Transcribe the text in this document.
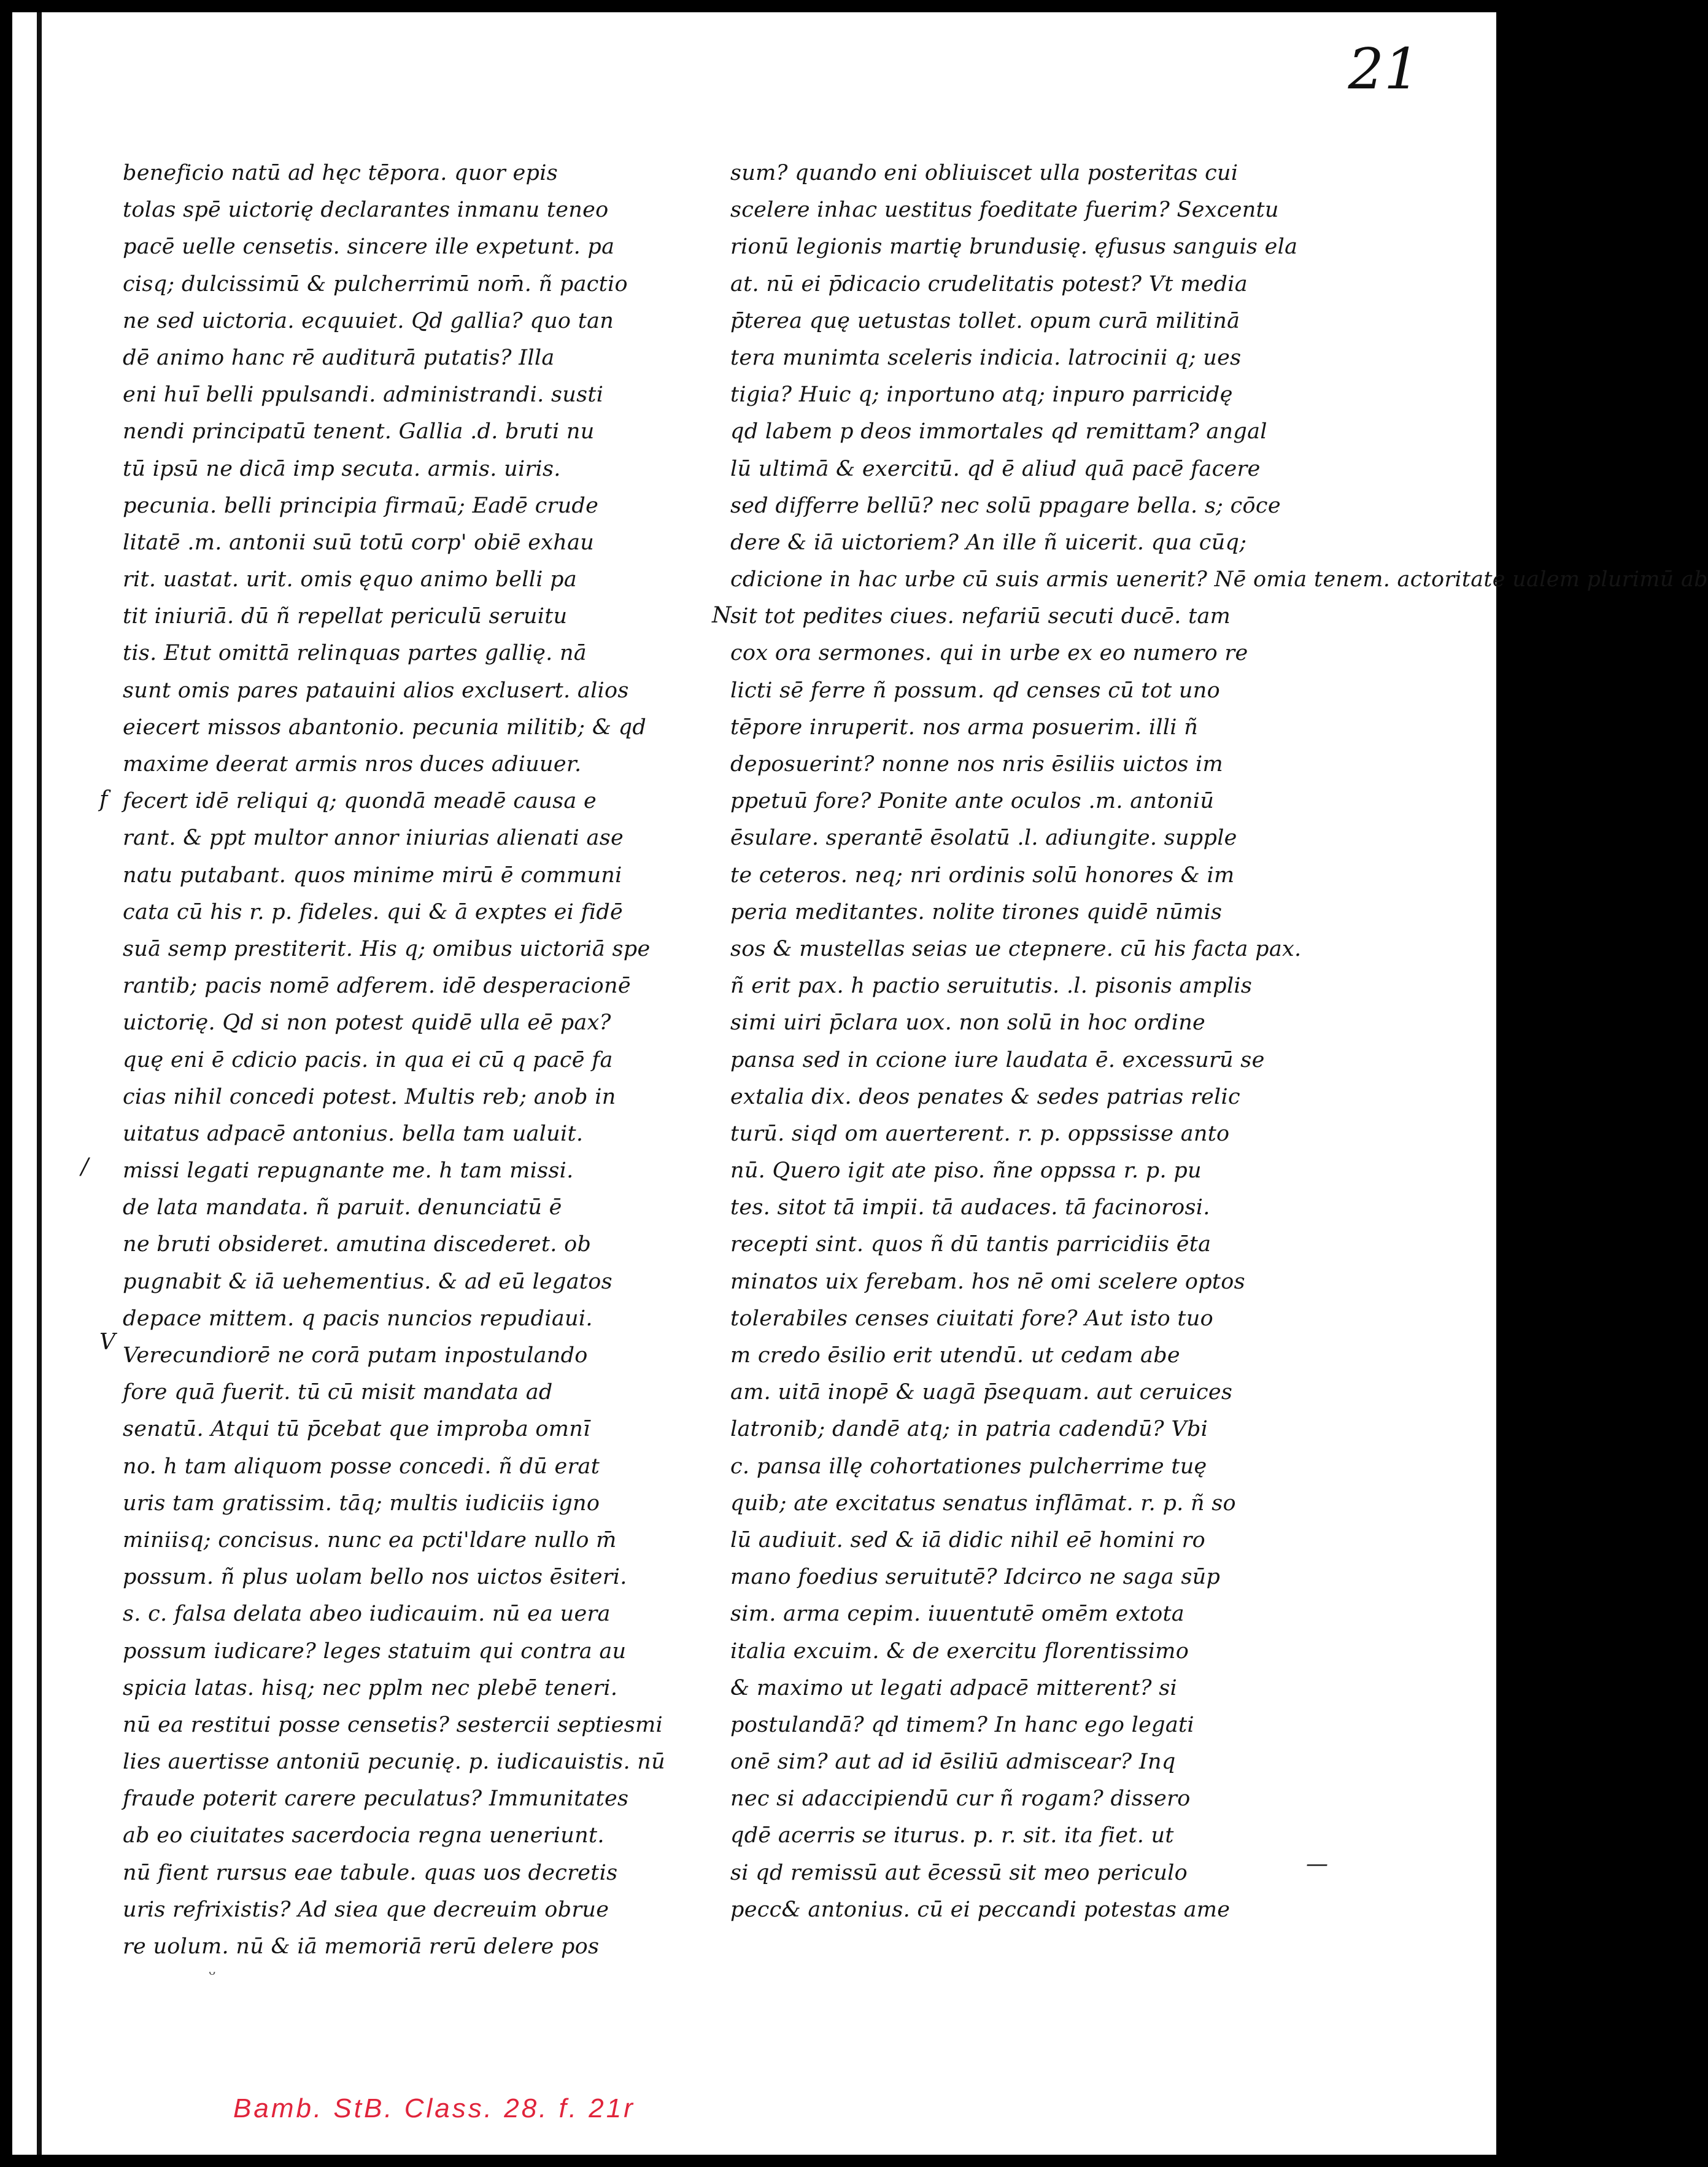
21
beneficio natū ad hęc tēpora. quor epis
tolas spē uictorię declarantes inmanu teneo
pacē uelle censetis. sincere ille expetunt. pa
cisq; dulcissimū & pulcherrimū nom̄. ñ pactio
ne sed uictoria. ecquuiet. Qd gallia? quo tan
dē animo hanc rē auditurā putatis? Illa
eni huī belli ppulsandi. administrandi. susti
nendi principatū tenent. Gallia .d. bruti nu
tū ipsū ne dicā imp secuta. armis. uiris.
pecunia. belli principia firmaū; Eadē crude
litatē .m. antonii suū totū corp' obiē exhau
rit. uastat. urit. omis ęquo animo belli pa
tit iniuriā. dū ñ repellat periculū seruitu
tis. Etut omittā relinquas partes gallię. nā
sunt omis pares patauini alios exclusert. alios
eiecert missos abantonio. pecunia militib; & qd
maxime deerat armis nros duces adiuuer.
fecert idē reliqui q; quondā meadē causa e
rant. & ppt multor annor iniurias alienati ase
natu putabant. quos minime mirū ē communi
cata cū his r. p. fideles. qui & ā exptes ei fidē
suā semp prestiterit. His q; omibus uictoriā spe
rantib; pacis nomē adferem. idē desperacionē
uictorię. Qd si non potest quidē ulla eē pax?
quę eni ē cdicio pacis. in qua ei cū q pacē fa
cias nihil concedi potest. Multis reb; anob in
uitatus adpacē antonius. bella tam ualuit.
missi legati repugnante me. h tam missi.
de lata mandata. ñ paruit. denunciatū ē
ne bruti obsideret. amutina discederet. ob
pugnabit & iā uehementius. & ad eū legatos
depace mittem. q pacis nuncios repudiaui.
Verecundiorē ne corā putam inpostulando
fore quā fuerit. tū cū misit mandata ad
senatū. Atqui tū p̄cebat que improba omnī
no. h tam aliquom posse concedi. ñ dū erat
uris tam gratissim. tāq; multis iudiciis igno
miniisq; concisus. nunc ea pcti'ldare nullo m̄
possum. ñ plus uolam bello nos uictos ēsiteri.
s. c. falsa delata abeo iudicauim. nū ea uera
possum iudicare? leges statuim qui contra au
spicia latas. hisq; nec pplm nec plebē teneri.
nū ea restitui posse censetis? sestercii septiesmi
lies auertisse antoniū pecunię. p. iudicauistis. nū
fraude poterit carere peculatus? Immunitates
ab eo ciuitates sacerdocia regna ueneriunt.
nū fient rursus eae tabule. quas uos decretis
uris refrixistis? Ad siea que decreuim obrue
re uolum. nū & iā memoriā rerū delere pos
sum? quando eni obliuiscet ulla posteritas cui
scelere inhac uestitus foeditate fuerim? Sexcentu
rionū legionis martię brundusię. ęfusus sanguis ela
at. nū ei p̄dicacio crudelitatis potest? Vt media
p̄terea quę uetustas tollet. opum curā militinā
tera munimta sceleris indicia. latrocinii q; ues
tigia? Huic q; inportuno atq; inpuro parricidę
qd labem p deos immortales qd remittam? angal
lū ultimā & exercitū. qd ē aliud quā pacē facere
sed differre bellū? nec solū ppagare bella. s; cōce
dere & iā uictoriem? An ille ñ uicerit. qua cūq;
cdicione in hac urbe cū suis armis uenerit? Nē omia tenem. actoritate ualem plurimū ab
sit tot pedites ciues. nefariū secuti ducē. tam
cox ora sermones. qui in urbe ex eo numero re
licti sē ferre ñ possum. qd censes cū tot uno
tēpore inruperit. nos arma posuerim. illi ñ
deposuerint? nonne nos nris ēsiliis uictos im
ppetuū fore? Ponite ante oculos .m. antoniū
ēsulare. sperantē ēsolatū .l. adiungite. supple
te ceteros. neq; nri ordinis solū honores & im
peria meditantes. nolite tirones quidē nūmis
sos & mustellas seias ue ctepnere. cū his facta pax.
ñ erit pax. h pactio seruitutis. .l. pisonis amplis
simi uiri p̄clara uox. non solū in hoc ordine
pansa sed in ccione iure laudata ē. excessurū se
extalia dix. deos penates & sedes patrias relic
turū. siqd om auerterent. r. p. oppssisse anto
nū. Quero igit ate piso. ñne oppssa r. p. pu
tes. sitot tā impii. tā audaces. tā facinorosi.
recepti sint. quos ñ dū tantis parricidiis ēta
minatos uix ferebam. hos nē omi scelere optos
tolerabiles censes ciuitati fore? Aut isto tuo
m credo ēsilio erit utendū. ut cedam abe
am. uitā inopē & uagā p̄sequam. aut ceruices
latronib; dandē atq; in patria cadendū? Vbi
c. pansa illę cohortationes pulcherrime tuę
quib; ate excitatus senatus inflāmat. r. p. ñ so
lū audiuit. sed & iā didic nihil eē homini ro
mano foedius seruitutē? Idcirco ne saga sūp
sim. arma cepim. iuuentutē omēm extota
italia excuim. & de exercitu florentissimo
& maximo ut legati adpacē mitterent? si
postulandā? qd timem? In hanc ego legati
onē sim? aut ad id ēsiliū admiscear? Inq
nec si adaccipiendū cur ñ rogam? dissero
qdē acerris se iturus. p. r. sit. ita fiet. ut
si qd remissū aut ēcessū sit meo periculo
pecc& antonius. cū ei peccandi potestas ame
f
/
V
N
—
ᵕ
Bamb. StB. Class. 28. f. 21r
